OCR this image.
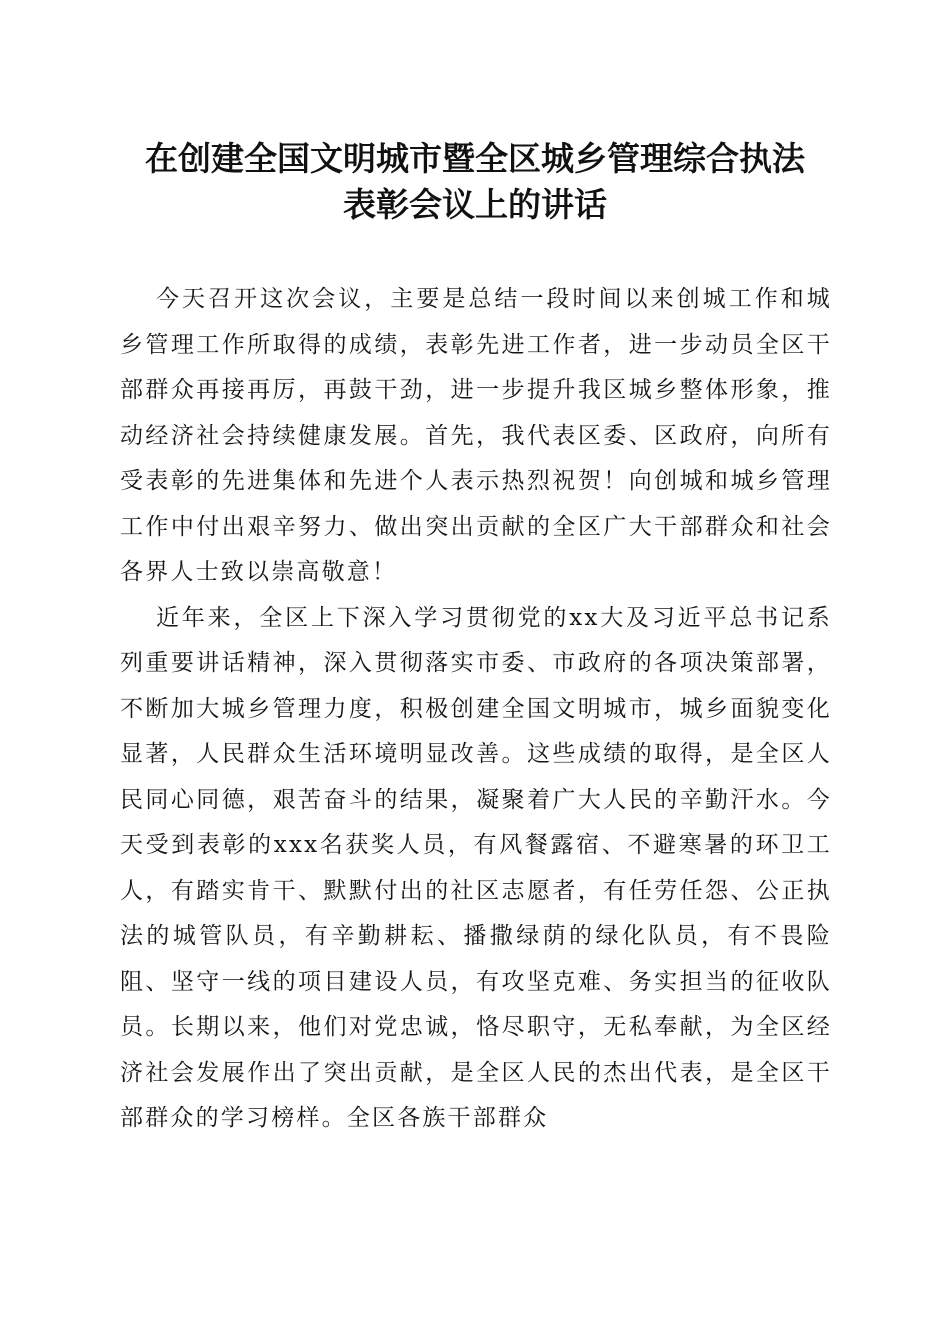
在创建全国文明城市暨全区城乡管理综合执法
表彰会议上的讲话

今天召开这次会议，主要是总结一段时间以来创城工作和城乡管理工作所取得的成绩，表彰先进工作者，进一步动员全区干部群众再接再厉，再鼓干劲，进一步提升我区城乡整体形象，推动经济社会持续健康发展。首先，我代表区委、区政府，向所有受表彰的先进集体和先进个人表示热烈祝贺！向创城和城乡管理工作中付出艰辛努力、做出突出贡献的全区广大干部群众和社会各界人士致以崇高敬意！

近年来，全区上下深入学习贯彻党的xx大及习近平总书记系列重要讲话精神，深入贯彻落实市委、市政府的各项决策部署，不断加大城乡管理力度，积极创建全国文明城市，城乡面貌变化显著，人民群众生活环境明显改善。这些成绩的取得，是全区人民同心同德，艰苦奋斗的结果，凝聚着广大人民的辛勤汗水。今天受到表彰的xxx名获奖人员，有风餐露宿、不避寒暑的环卫工人，有踏实肯干、默默付出的社区志愿者，有任劳任怨、公正执法的城管队员，有辛勤耕耘、播撒绿荫的绿化队员，有不畏险阻、坚守一线的项目建设人员，有攻坚克难、务实担当的征收队员。长期以来，他们对党忠诚，恪尽职守，无私奉献，为全区经济社会发展作出了突出贡献，是全区人民的杰出代表，是全区干部群众的学习榜样。全区各族干部群众
